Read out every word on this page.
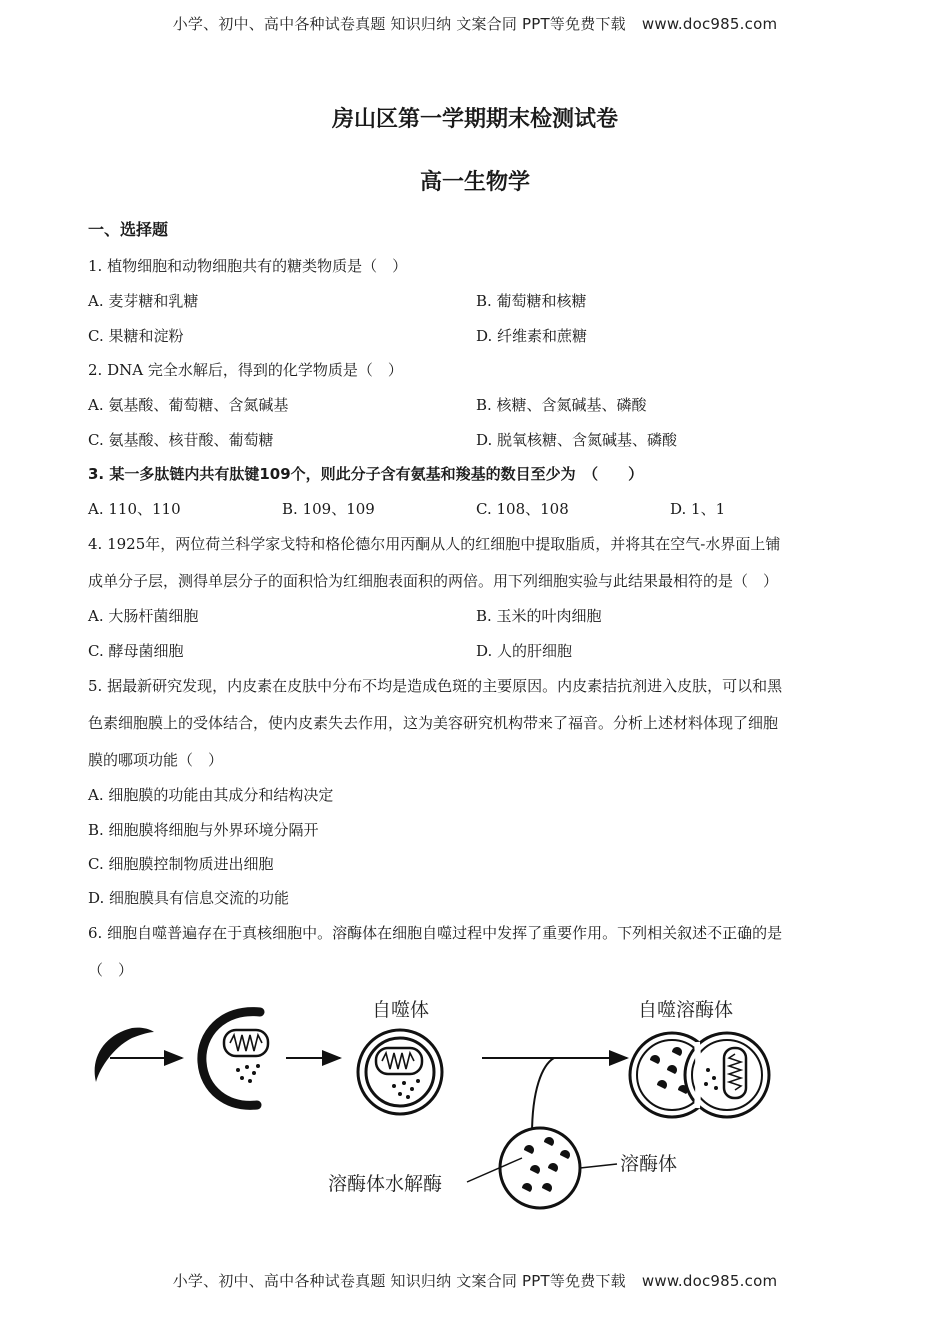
小学、初中、高中各种试卷真题 知识归纳 文案合同 PPT等免费下载 www.doc985.com
房山区第一学期期末检测试卷
高一生物学
一、选择题
1. 植物细胞和动物细胞共有的糖类物质是（　）
A. 麦芽糖和乳糖	B. 葡萄糖和核糖
C. 果糖和淀粉	D. 纤维素和蔗糖
2. DNA 完全水解后，得到的化学物质是（　）
A. 氨基酸、葡萄糖、含氮碱基	B. 核糖、含氮碱基、磷酸
C. 氨基酸、核苷酸、葡萄糖	D. 脱氧核糖、含氮碱基、磷酸
3. 某一多肽链内共有肽键109个，则此分子含有氨基和羧基的数目至少为　（　　）
A. 110、110	B. 109、109	C. 108、108	D. 1、1
4. 1925年，两位荷兰科学家戈特和格伦德尔用丙酮从人的红细胞中提取脂质，并将其在空气-水界面上铺
成单分子层，测得单层分子的面积恰为红细胞表面积的两倍。用下列细胞实验与此结果最相符的是（　）
A. 大肠杆菌细胞	B. 玉米的叶肉细胞
C. 酵母菌细胞	D. 人的肝细胞
5. 据最新研究发现，内皮素在皮肤中分布不均是造成色斑的主要原因。内皮素拮抗剂进入皮肤，可以和黑
色素细胞膜上的受体结合，使内皮素失去作用，这为美容研究机构带来了福音。分析上述材料体现了细胞
膜的哪项功能（　）
A. 细胞膜的功能由其成分和结构决定
B. 细胞膜将细胞与外界环境分隔开
C. 细胞膜控制物质进出细胞
D. 细胞膜具有信息交流的功能
6. 细胞自噬普遍存在于真核细胞中。溶酶体在细胞自噬过程中发挥了重要作用。下列相关叙述不正确的是
（　）
自噬体	自噬溶酶体
溶酶体水解酶
溶酶体
小学、初中、高中各种试卷真题 知识归纳 文案合同 PPT等免费下载 www.doc985.com
